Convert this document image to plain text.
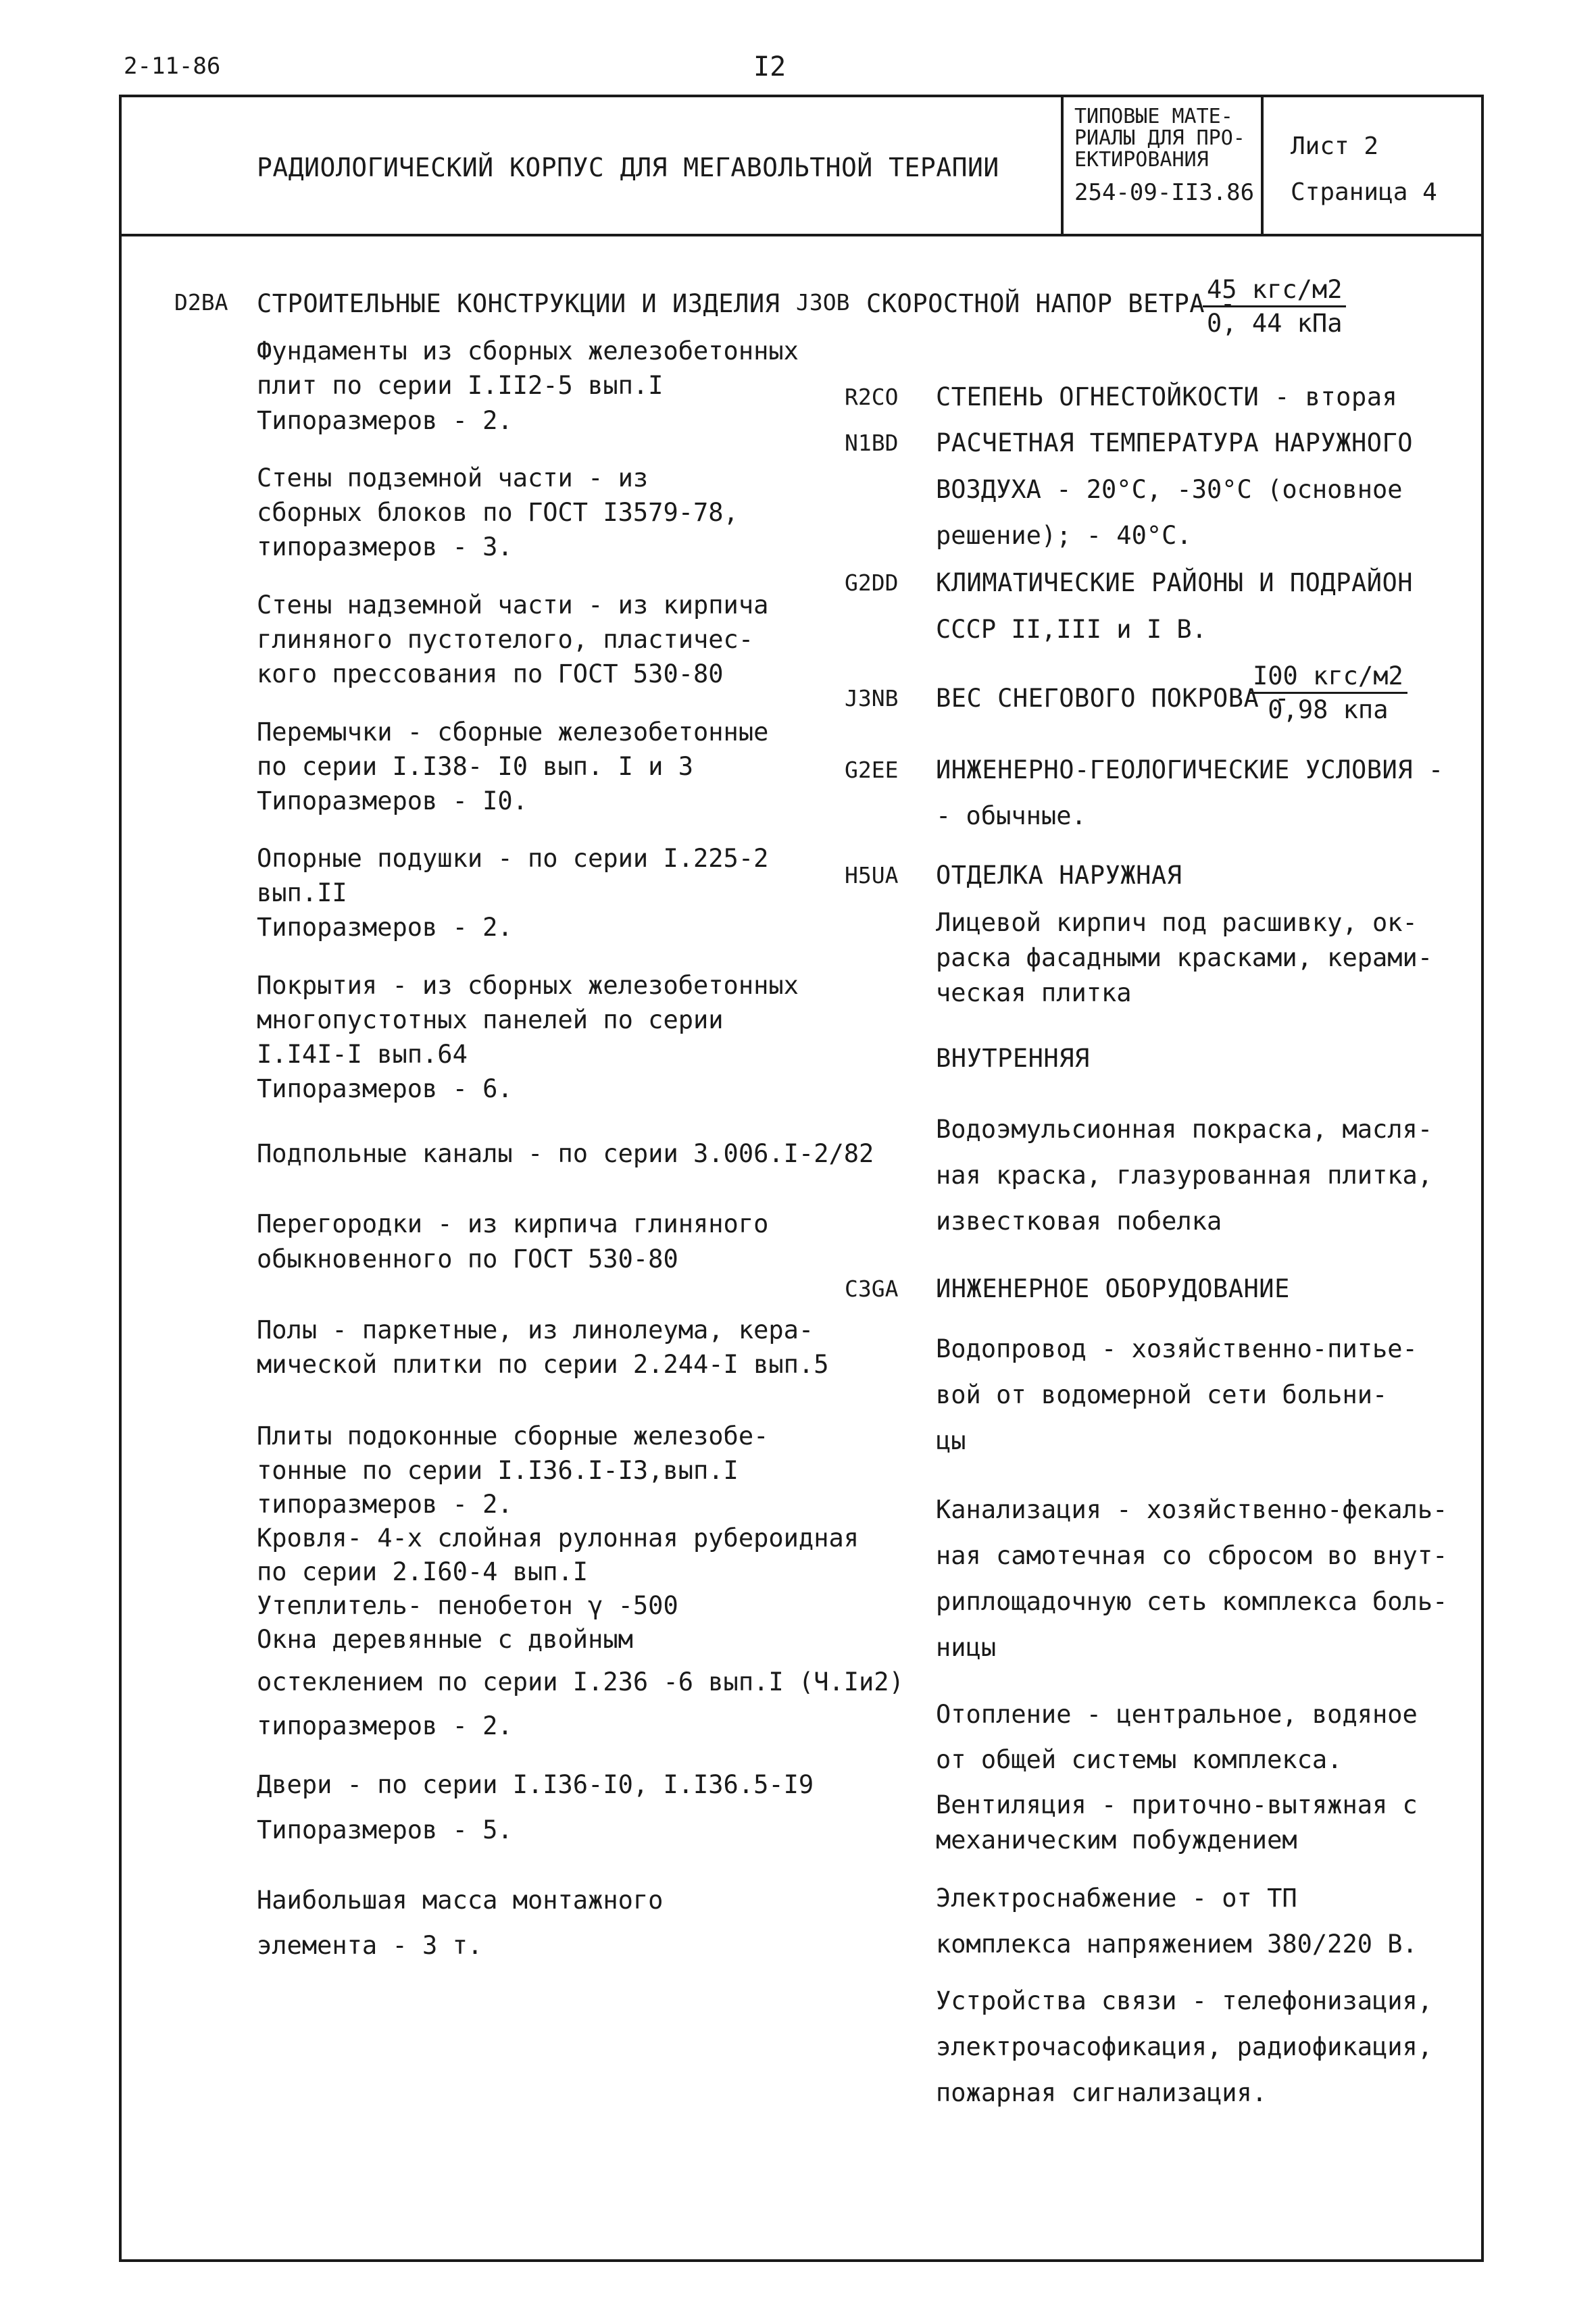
2-11-86	I2
РАДИОЛОГИЧЕСКИЙ КОРПУС ДЛЯ МЕГАВОЛЬТНОЙ ТЕРАПИИ
ТИПОВЫЕ МАТЕ-
РИАЛЫ ДЛЯ ПРО-
ЕКТИРОВАНИЯ
254-09-II3.86
Лист 2
Страница 4
D2BA СТРОИТЕЛЬНЫЕ КОНСТРУКЦИИ И ИЗДЕЛИЯ
Фундаменты из сборных железобетонных
плит по серии I.II2-5 вып.I
Типоразмеров - 2.
Стены подземной части - из
сборных блоков по ГОСТ I3579-78,
типоразмеров - 3.
Стены надземной части - из кирпича
глиняного пустотелого, пластичес-
кого прессования по ГОСТ 530-80
Перемычки - сборные железобетонные
по серии I.I38- I0 вып. I и 3
Типоразмеров - I0.
Опорные подушки - по серии I.225-2
вып.II
Типоразмеров - 2.
Покрытия - из сборных железобетонных
многопустотных панелей по серии
I.I4I-I вып.64
Типоразмеров - 6.
Подпольные каналы - по серии 3.006.I-2/82
Перегородки - из кирпича глиняного
обыкновенного по ГОСТ 530-80
Полы - паркетные, из линолеума, кера-
мической плитки по серии 2.244-I вып.5
Плиты подоконные сборные железобе-
тонные по серии I.I36.I-I3,вып.I
типоразмеров - 2.
Кровля- 4-х слойная рулонная рубероидная
по серии 2.I60-4 вып.I
Утеплитель- пенобетон γ -500
Окна деревянные с двойным
остеклением по серии I.236 -6 вып.I (Ч.Iи2)
типоразмеров - 2.
Двери - по серии I.I36-I0, I.I36.5-I9
Типоразмеров - 5.
Наибольшая масса монтажного
элемента - 3 т.
J3OB СКОРОСТНОЙ НАПОР ВЕТРА -
45 кгс/м2
0, 44 кПа
R2CO СТЕПЕНЬ ОГНЕСТОЙКОСТИ - вторая
N1BD РАСЧЕТНАЯ ТЕМПЕРАТУРА НАРУЖНОГО
ВОЗДУХА - 20°С, -30°С (основное
решение); - 40°С.
G2DD КЛИМАТИЧЕСКИЕ РАЙОНЫ И ПОДРАЙОН
СССР II,III и I В.
J3NB ВЕС СНЕГОВОГО ПОКРОВА -
I00 кгс/м2
0,98 кпа
G2EE ИНЖЕНЕРНО-ГЕОЛОГИЧЕСКИЕ УСЛОВИЯ -
- обычные.
H5UA ОТДЕЛКА НАРУЖНАЯ
Лицевой кирпич под расшивку, ок-
раска фасадными красками, керами-
ческая плитка
ВНУТРЕННЯЯ
Водоэмульсионная покраска, масля-
ная краска, глазурованная плитка,
известковая побелка
C3GA ИНЖЕНЕРНОЕ ОБОРУДОВАНИЕ
Водопровод - хозяйственно-питье-
вой от водомерной сети больни-
цы
Канализация - хозяйственно-фекаль-
ная самотечная со сбросом во внут-
риплощадочную сеть комплекса боль-
ницы
Отопление - центральное, водяное
от общей системы комплекса.
Вентиляция - приточно-вытяжная с
механическим побуждением
Электроснабжение - от ТП
комплекса напряжением 380/220 В.
Устройства связи - телефонизация,
электрочасофикация, радиофикация,
пожарная сигнализация.
